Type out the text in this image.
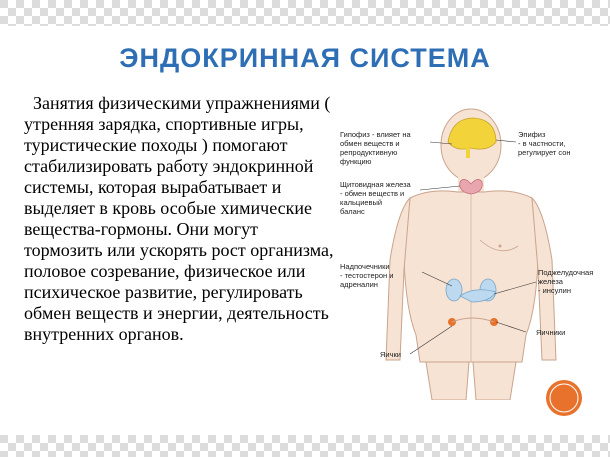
ЭНДОКРИННАЯ СИСТЕМА

Занятия физическими упражнениями ( утренняя зарядка, спортивные игры, туристические походы ) помогают стабилизировать работу эндокринной системы, которая вырабатывает и выделяет в кровь особые химические вещества-гормоны. Они могут тормозить или ускорять рост организма, половое созревание, физическое или психическое развитие, регулировать обмен веществ и энергии, деятельность внутренних органов.

Гипофиз - влияет на
обмен веществ и
репродуктивную
функцию
Эпифиз
- в частности,
регулирует сон
Щитовидная железа
- обмен веществ и
кальциевый
баланс
Надпочечники
- тестостерон и
адреналин
Поджелудочная
железа
- инсулин
Яичники
Яички
